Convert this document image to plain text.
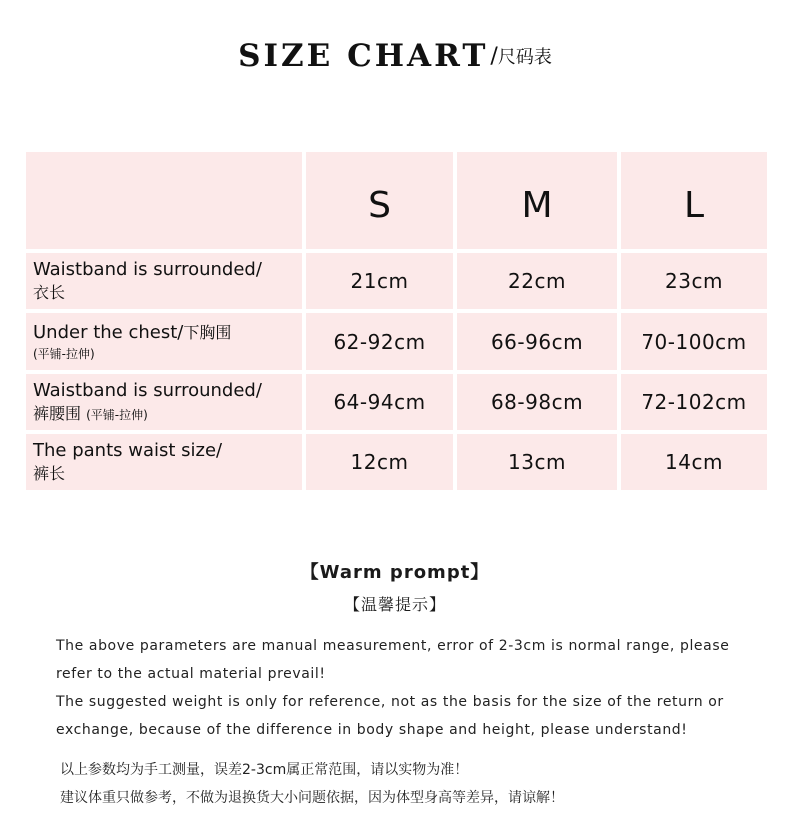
SIZE CHART/尺码表
S	M	L
Waistband is surrounded/
衣长	21cm	22cm	23cm
Under the chest/下胸围
(平铺-拉伸)
62-92cm	66-96cm	70-100cm
Waistband is surrounded/
裤腰围 (平铺-拉伸)
64-94cm	68-98cm	72-102cm
The pants waist size/
裤长	12cm	13cm	14cm
【Warm prompt】
【温馨提示】

The above parameters are manual measurement, error of 2-3cm is normal range, please refer to the actual material prevail!

The suggested weight is only for reference, not as the basis for the size of the return or exchange, because of the difference in body shape and height, please understand!

以上参数均为手工测量，误差2-3cm属正常范围，请以实物为准！

建议体重只做参考，不做为退换货大小问题依据，因为体型身高等差异，请谅解！
